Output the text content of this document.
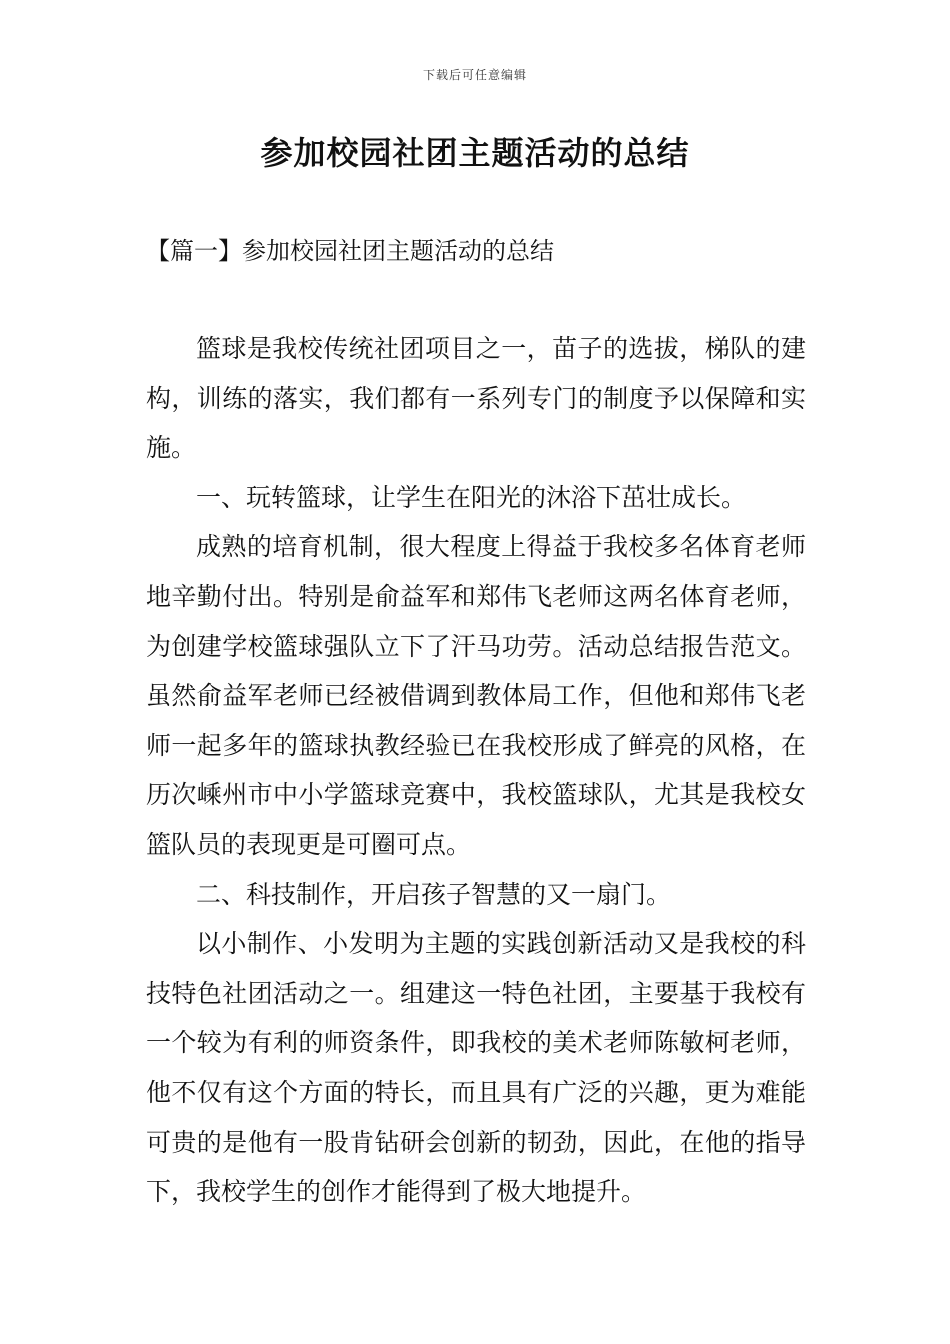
下载后可任意编辑
参加校园社团主题活动的总结
【篇一】参加校园社团主题活动的总结

篮球是我校传统社团项目之一，苗子的选拔，梯队的建构，训练的落实，我们都有一系列专门的制度予以保障和实施。

一、玩转篮球，让学生在阳光的沐浴下茁壮成长。

成熟的培育机制，很大程度上得益于我校多名体育老师地辛勤付出。特别是俞益军和郑伟飞老师这两名体育老师，为创建学校篮球强队立下了汗马功劳。活动总结报告范文。虽然俞益军老师已经被借调到教体局工作，但他和郑伟飞老师一起多年的篮球执教经验已在我校形成了鲜亮的风格，在历次嵊州市中小学篮球竞赛中，我校篮球队，尤其是我校女篮队员的表现更是可圈可点。

二、科技制作，开启孩子智慧的又一扇门。

以小制作、小发明为主题的实践创新活动又是我校的科技特色社团活动之一。组建这一特色社团，主要基于我校有一个较为有利的师资条件，即我校的美术老师陈敏柯老师，他不仅有这个方面的特长，而且具有广泛的兴趣，更为难能可贵的是他有一股肯钻研会创新的韧劲，因此，在他的指导下，我校学生的创作才能得到了极大地提升。
